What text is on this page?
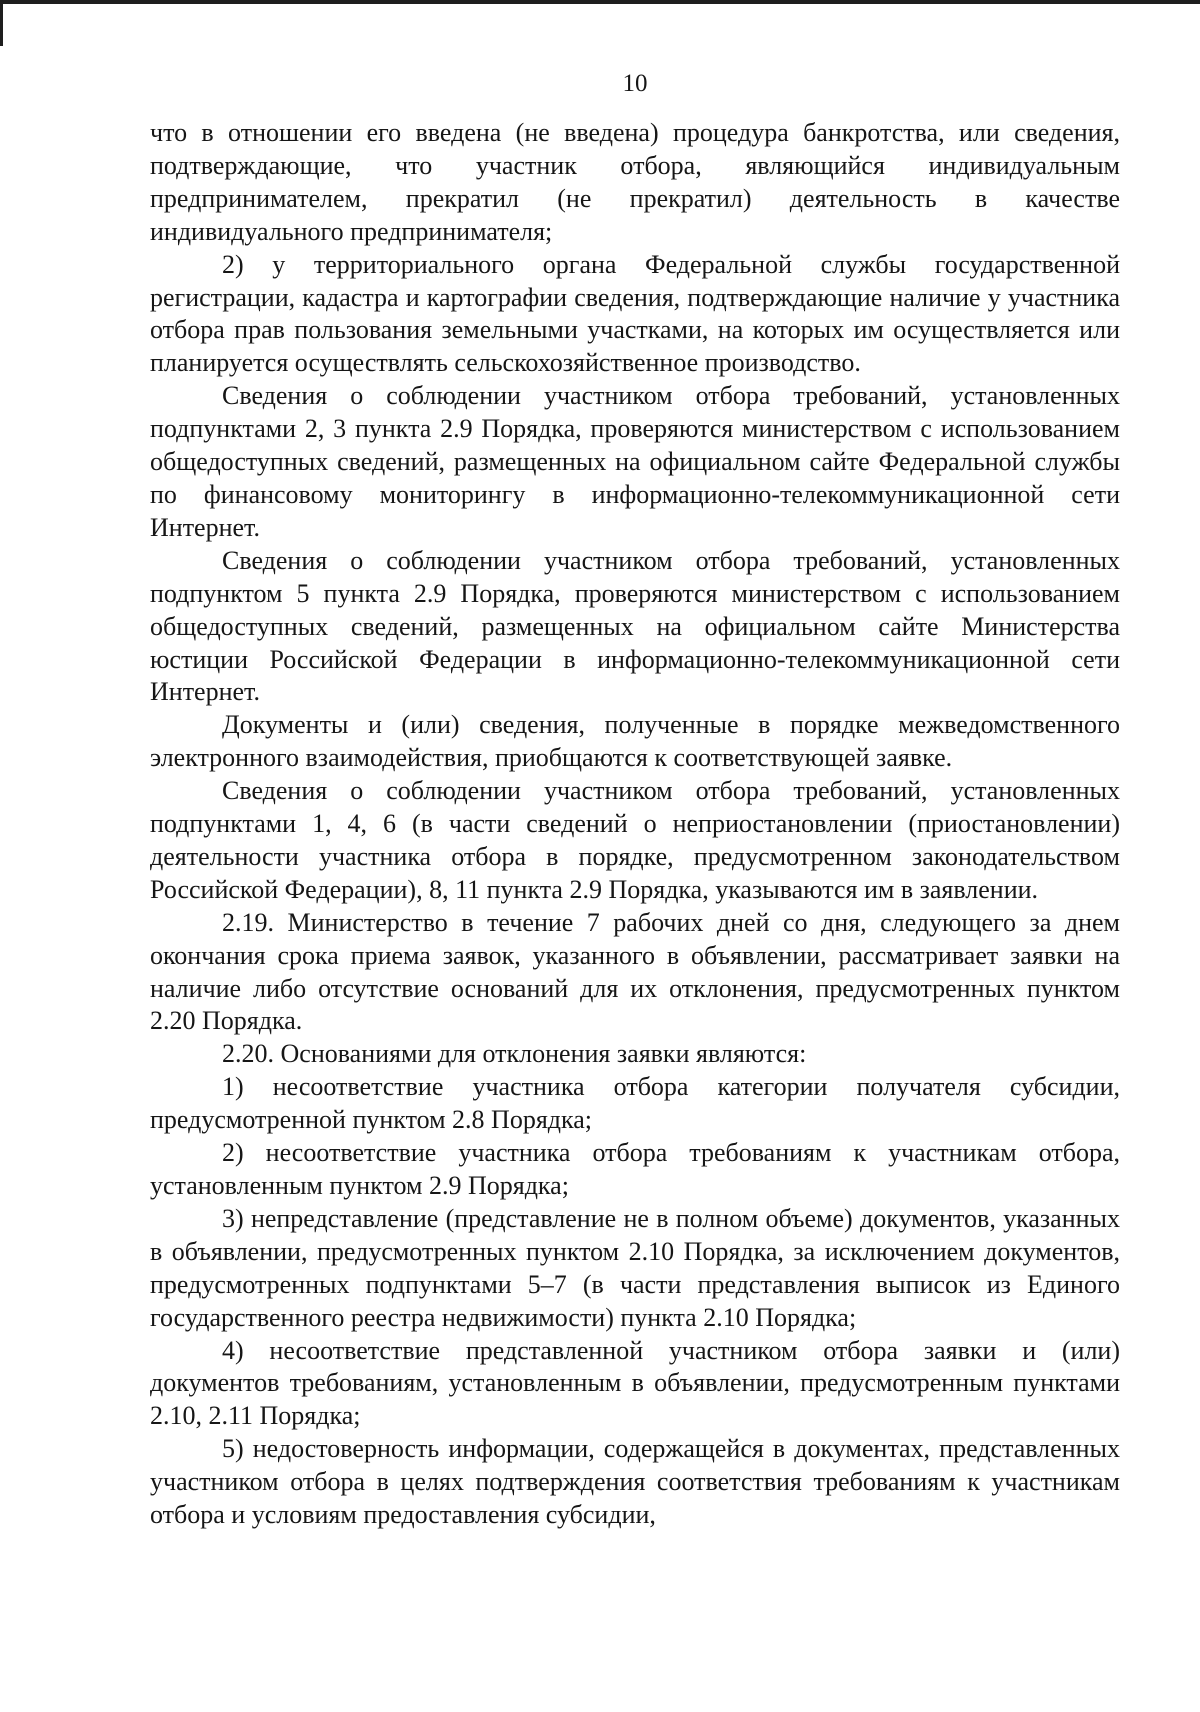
10

что в отношении его введена (не введена) процедура банкротства, или сведения, подтверждающие, что участник отбора, являющийся индивидуальным предпринимателем, прекратил (не прекратил) деятельность в качестве индивидуального предпринимателя;

2) у территориального органа Федеральной службы государственной регистрации, кадастра и картографии сведения, подтверждающие наличие у участника отбора прав пользования земельными участками, на которых им осуществляется или планируется осуществлять сельскохозяйственное производство.

Сведения о соблюдении участником отбора требований, установленных подпунктами 2, 3 пункта 2.9 Порядка, проверяются министерством с использованием общедоступных сведений, размещенных на официальном сайте Федеральной службы по финансовому мониторингу в информационно-телекоммуникационной сети Интернет.

Сведения о соблюдении участником отбора требований, установленных подпунктом 5 пункта 2.9 Порядка, проверяются министерством с использованием общедоступных сведений, размещенных на официальном сайте Министерства юстиции Российской Федерации в информационно-телекоммуникационной сети Интернет.

Документы и (или) сведения, полученные в порядке межведомственного электронного взаимодействия, приобщаются к соответствующей заявке.

Сведения о соблюдении участником отбора требований, установленных подпунктами 1, 4, 6 (в части сведений о неприостановлении (приостановлении) деятельности участника отбора в порядке, предусмотренном законодательством Российской Федерации), 8, 11 пункта 2.9 Порядка, указываются им в заявлении.

2.19. Министерство в течение 7 рабочих дней со дня, следующего за днем окончания срока приема заявок, указанного в объявлении, рассматривает заявки на наличие либо отсутствие оснований для их отклонения, предусмотренных пунктом 2.20 Порядка.

2.20. Основаниями для отклонения заявки являются:

1) несоответствие участника отбора категории получателя субсидии, предусмотренной пунктом 2.8 Порядка;

2) несоответствие участника отбора требованиям к участникам отбора, установленным пунктом 2.9 Порядка;

3) непредставление (представление не в полном объеме) документов, указанных в объявлении, предусмотренных пунктом 2.10 Порядка, за исключением документов, предусмотренных подпунктами 5–7 (в части представления выписок из Единого государственного реестра недвижимости) пункта 2.10 Порядка;

4) несоответствие представленной участником отбора заявки и (или) документов требованиям, установленным в объявлении, предусмотренным пунктами 2.10, 2.11 Порядка;

5) недостоверность информации, содержащейся в документах, представленных участником отбора в целях подтверждения соответствия требованиям к участникам отбора и условиям предоставления субсидии,
